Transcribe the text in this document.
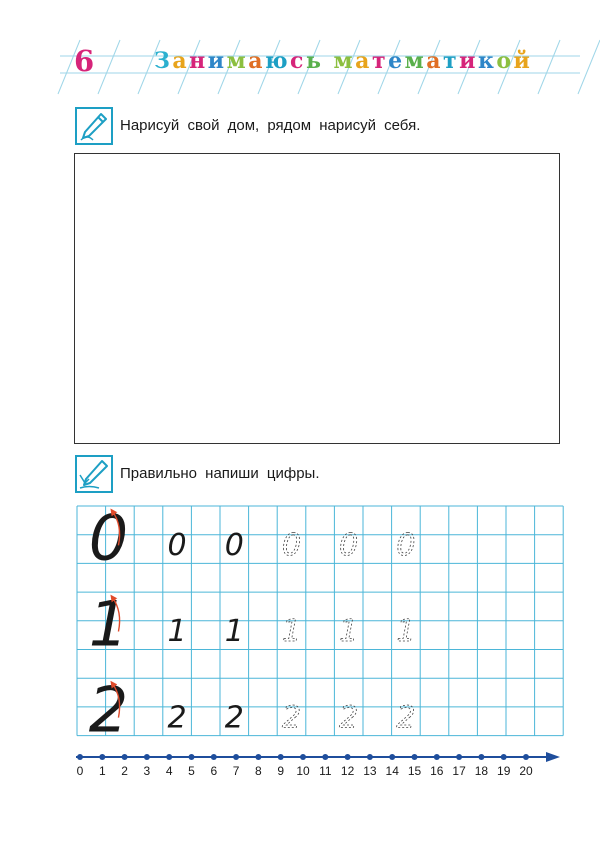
6	Занимаюсь математикой
Нарисуй свой дом, рядом нарисуй себя.
Правильно напиши цифры.
0 0 0 0 0 0
1 1 1 1 1 1
2 2 2 2 2 2
0 1 2 3 4 5 6 7 8 9 10 11 12 13 14 15 16 17 18 19 20
